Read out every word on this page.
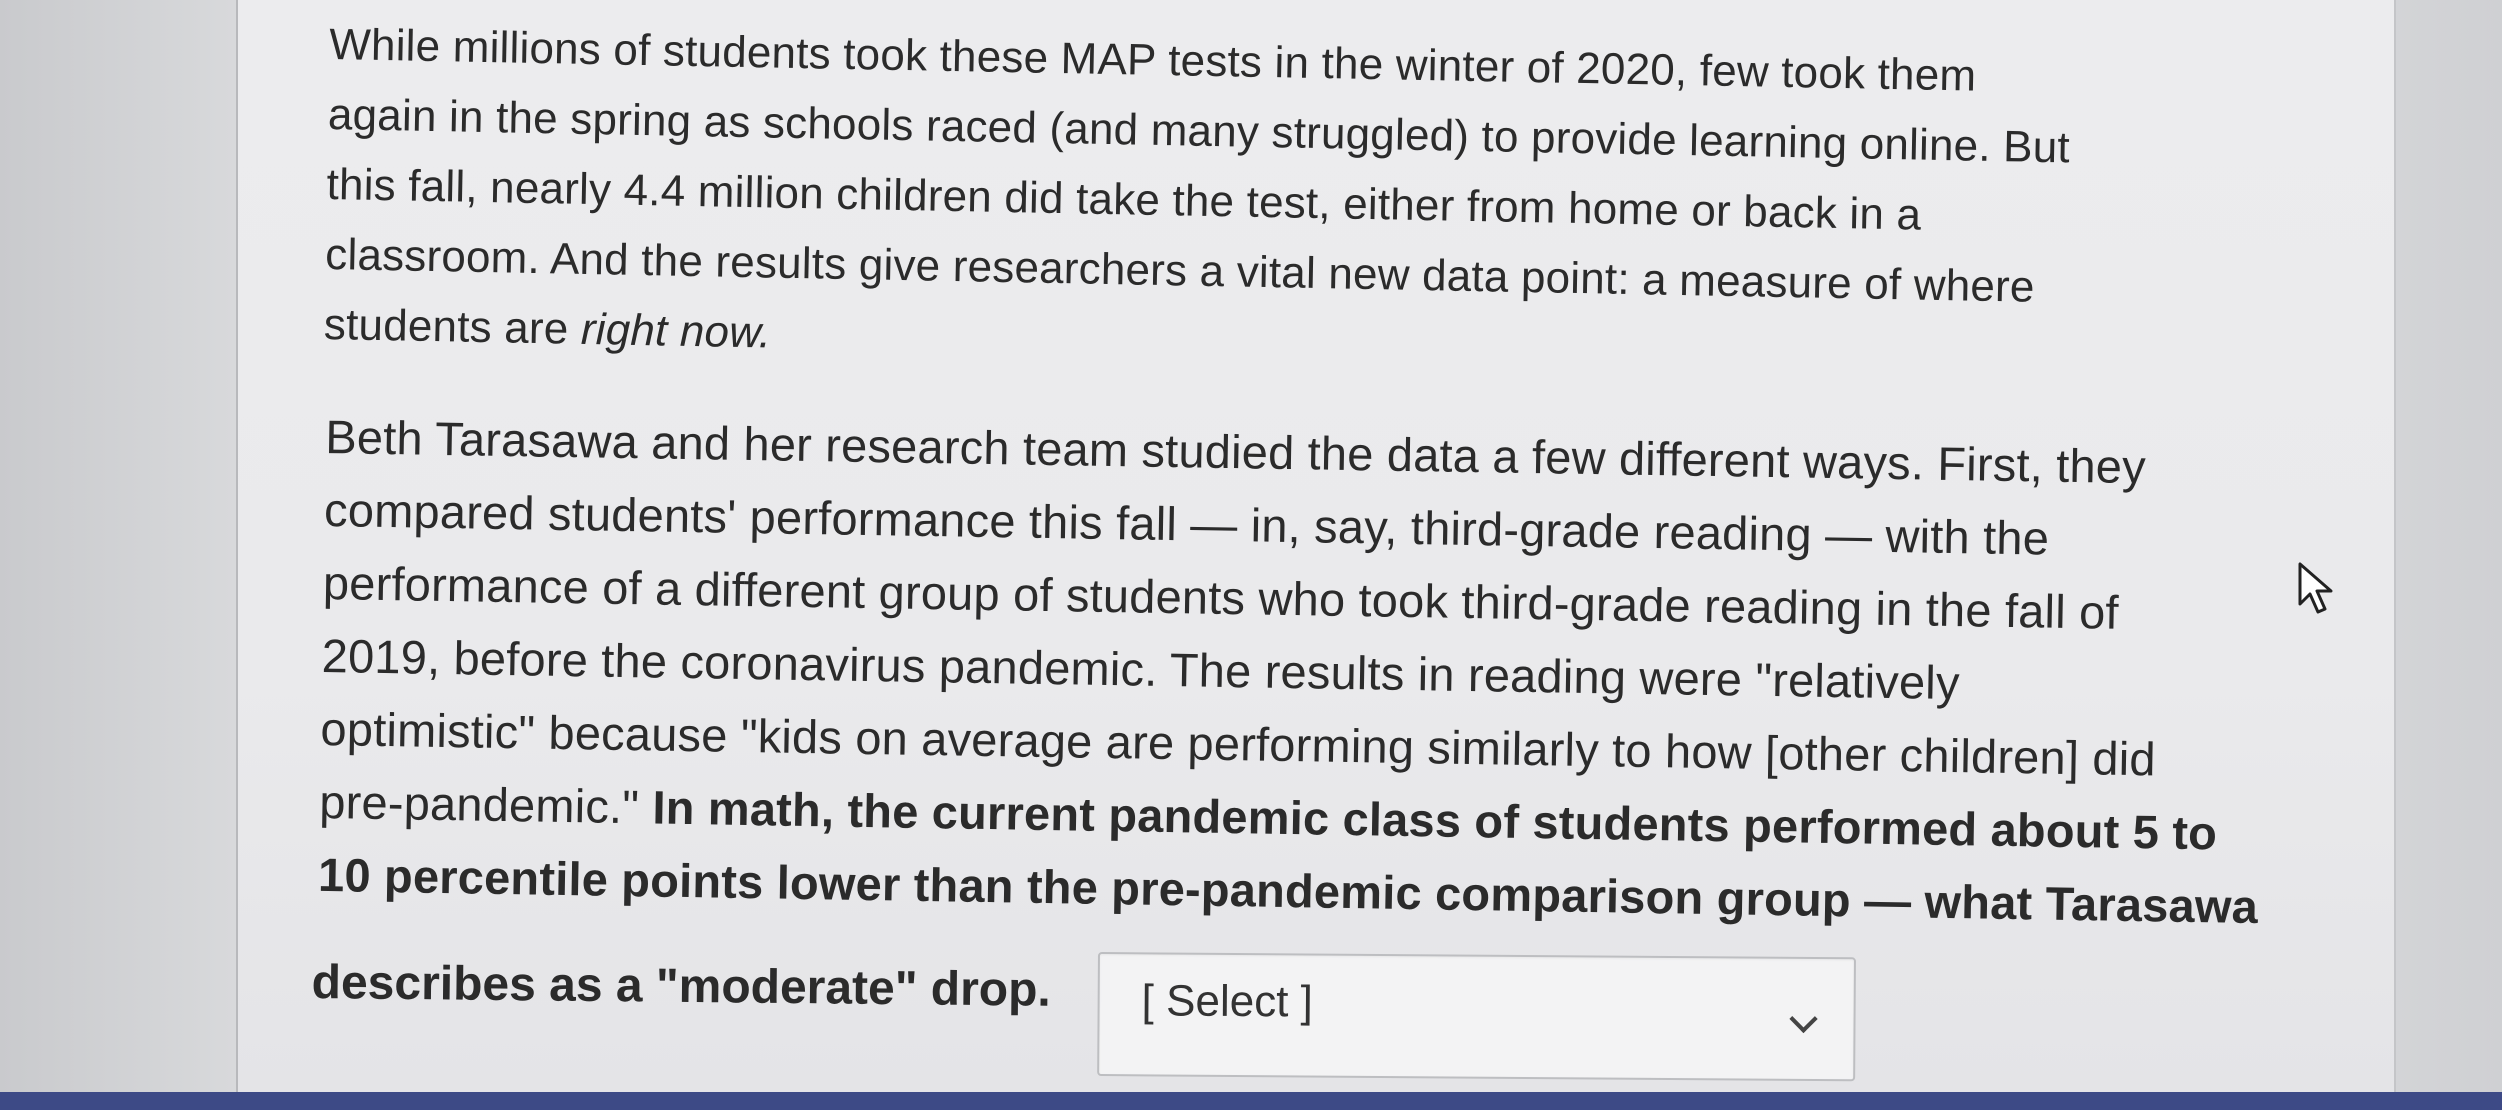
While millions of students took these MAP tests in the winter of 2020, few took them
again in the spring as schools raced (and many struggled) to provide learning online. But
this fall, nearly 4.4 million children did take the test, either from home or back in a
classroom. And the results give researchers a vital new data point: a measure of where
students are right now.

Beth Tarasawa and her research team studied the data a few different ways. First, they
compared students' performance this fall — in, say, third-grade reading — with the
performance of a different group of students who took third-grade reading in the fall of
2019, before the coronavirus pandemic. The results in reading were "relatively
optimistic" because "kids on average are performing similarly to how [other children] did
pre-pandemic." In math, the current pandemic class of students performed about 5 to
10 percentile points lower than the pre-pandemic comparison group — what Tarasawa

describes as a "moderate" drop. [ Select ]
